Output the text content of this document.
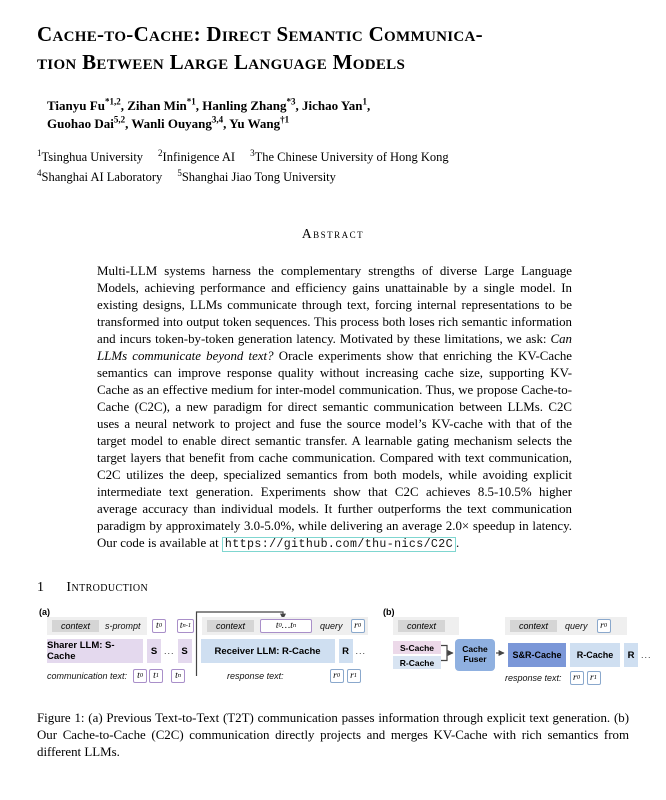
Cache-to-Cache: Direct Semantic Communica-
tion Between Large Language Models
Tianyu Fu$^{*1,2}$, Zihan Min$^{*1}$, Hanling Zhang$^{*3}$, Jichao Yan$^1$,
Guohao Dai$^{5,2}$, Wanli Ouyang$^{3,4}$, Yu Wang$^{\dagger 1}$
$^1$Tsinghua University $^2$Infinigence AI $^3$The Chinese University of Hong Kong
$^4$Shanghai AI Laboratory $^5$Shanghai Jiao Tong University
Abstract
Multi-LLM systems harness the complementary strengths of diverse Large Language Models, achieving performance and efficiency gains unattainable by a single model. In existing designs, LLMs communicate through text, forcing internal representations to be transformed into output token sequences. This process both loses rich semantic information and incurs token-by-token generation latency. Motivated by these limitations, we ask: Can LLMs communicate beyond text? Oracle experiments show that enriching the KV-Cache semantics can improve response quality without increasing cache size, supporting KV-Cache as an effective medium for inter-model communication. Thus, we propose Cache-to-Cache (C2C), a new paradigm for direct semantic communication between LLMs. C2C uses a neural network to project and fuse the source model’s KV-cache with that of the target model to enable direct semantic transfer. A learnable gating mechanism selects the target layers that benefit from cache communication. Compared with text communication, C2C utilizes the deep, specialized semantics from both models, while avoiding explicit intermediate text generation. Experiments show that C2C achieves 8.5-10.5% higher average accuracy than individual models. It further outperforms the text communication paradigm by approximately 3.0-5.0%, while delivering an average 2.0× speedup in latency. Our code is available at https://github.com/thu-nics/C2C .
1 Introduction
(a)
context	s-prompt t 0 t n-1	context	t 0 … t n	query r 0
Sharer LLM: S-Cache	S ... S	Receiver LLM: R-Cache	R ...
communication text: t 0 t 1 t n	response text:	r 0 r 1
(b)
context	context	query r 0
S-Cache
R-Cache
Cache
Fuser	S&R-Cache	R-Cache	R ...
response text: r 0 r 1
Figure 1: (a) Previous Text-to-Text (T2T) communication passes information through explicit text generation. (b) Our Cache-to-Cache (C2C) communication directly projects and merges KV-Cache with rich semantics from different LLMs.
